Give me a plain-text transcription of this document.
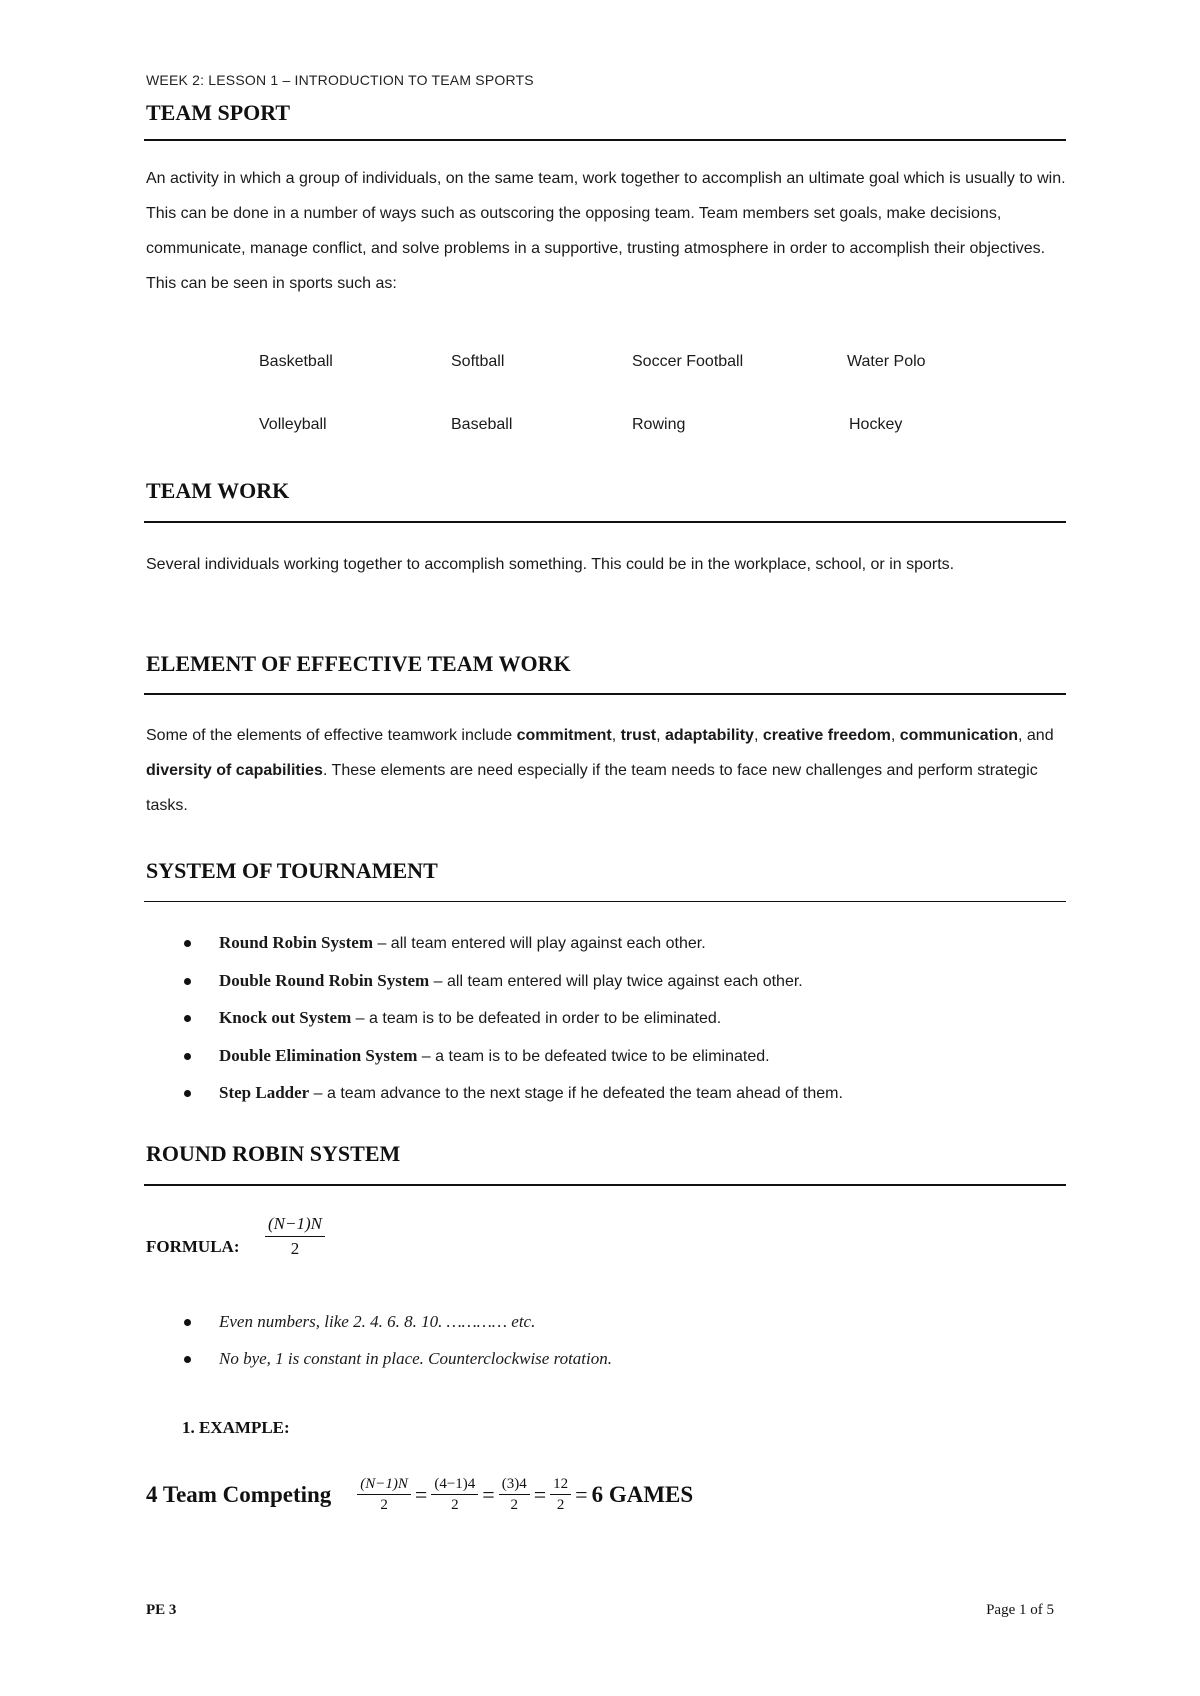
WEEK 2: LESSON 1 – INTRODUCTION TO TEAM SPORTS
TEAM SPORT
An activity in which a group of individuals, on the same team, work together to accomplish an ultimate goal which is usually to win. This can be done in a number of ways such as outscoring the opposing team. Team members set goals, make decisions, communicate, manage conflict, and solve problems in a supportive, trusting atmosphere in order to accomplish their objectives. This can be seen in sports such as:
Basketball	Softball	Soccer Football	Water Polo
Volleyball	Baseball	Rowing	Hockey
TEAM WORK
Several individuals working together to accomplish something. This could be in the workplace, school, or in sports.
ELEMENT OF EFFECTIVE TEAM WORK
Some of the elements of effective teamwork include commitment, trust, adaptability, creative freedom, communication, and diversity of capabilities. These elements are need especially if the team needs to face new challenges and perform strategic tasks.
SYSTEM OF TOURNAMENT
Round Robin System – all team entered will play against each other.
Double Round Robin System – all team entered will play twice against each other.
Knock out System – a team is to be defeated in order to be eliminated.
Double Elimination System – a team is to be defeated twice to be eliminated.
Step Ladder – a team advance to the next stage if he defeated the team ahead of them.
ROUND ROBIN SYSTEM
FORMULA: $\frac{(N-1)N}{2}$
Even numbers, like 2. 4. 6. 8. 10. ………… etc.
No bye, 1 is constant in place. Counterclockwise rotation.
1. EXAMPLE:
4 Team Competing $\frac{(N-1)N}{2} = \frac{(4-1)4}{2} = \frac{(3)4}{2} = \frac{12}{2} = 6$ GAMES
PE 3	Page 1 of 5
